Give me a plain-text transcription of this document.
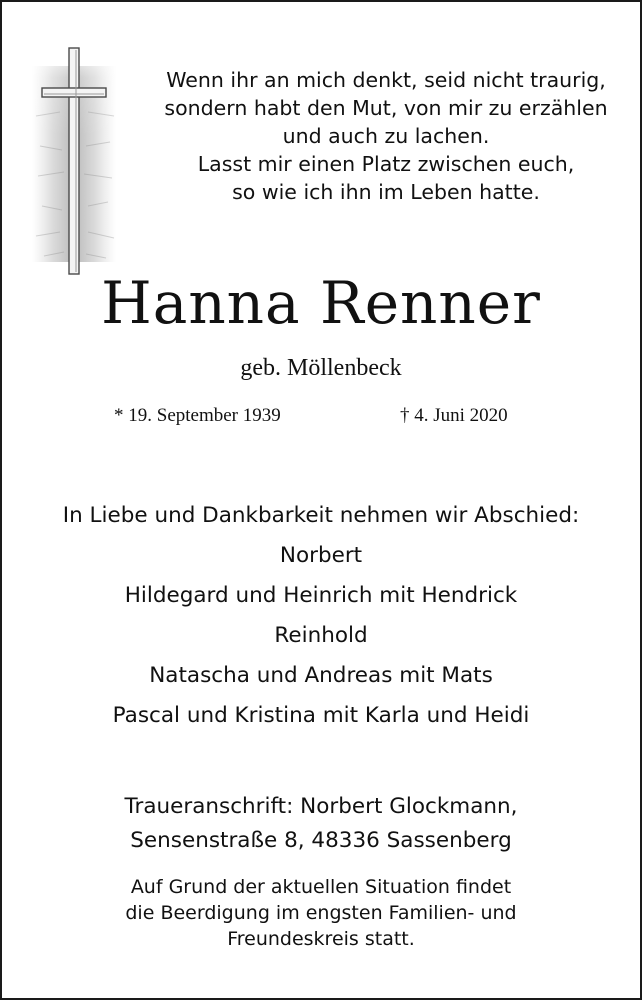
Wenn ihr an mich denkt, seid nicht traurig,
sondern habt den Mut, von mir zu erzählen
und auch zu lachen.
Lasst mir einen Platz zwischen euch,
so wie ich ihn im Leben hatte.
Hanna Renner
geb. Möllenbeck
* 19. September 1939	† 4. Juni 2020
In Liebe und Dankbarkeit nehmen wir Abschied:
Norbert
Hildegard und Heinrich mit Hendrick
Reinhold
Natascha und Andreas mit Mats
Pascal und Kristina mit Karla und Heidi
Traueranschrift: Norbert Glockmann,
Sensenstraße 8, 48336 Sassenberg
Auf Grund der aktuellen Situation findet
die Beerdigung im engsten Familien- und
Freundeskreis statt.
